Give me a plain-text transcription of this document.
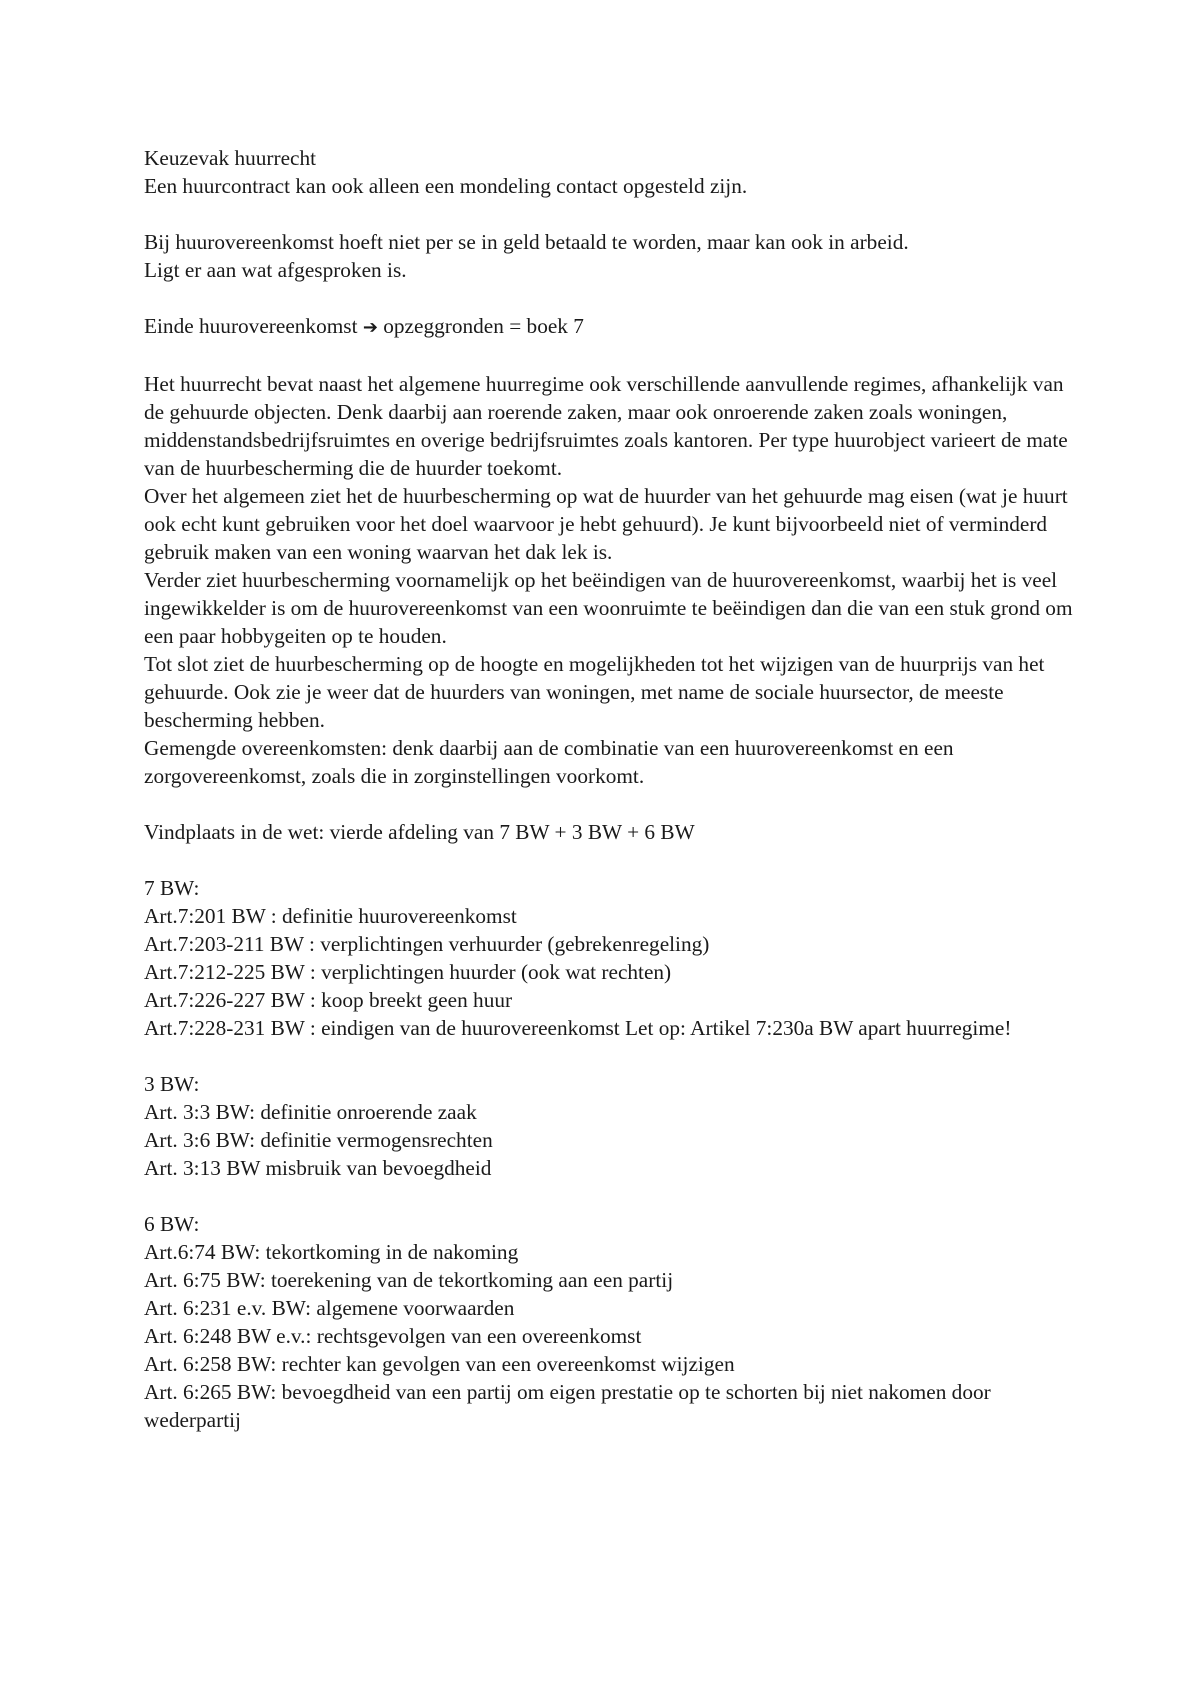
Keuzevak huurrecht
Een huurcontract kan ook alleen een mondeling contact opgesteld zijn.
Bij huurovereenkomst hoeft niet per se in geld betaald te worden, maar kan ook in arbeid.
Ligt er aan wat afgesproken is.
Einde huurovereenkomst ➔ opzeggronden = boek 7
Het huurrecht bevat naast het algemene huurregime ook verschillende aanvullende regimes, afhankelijk van de gehuurde objecten. Denk daarbij aan roerende zaken, maar ook onroerende zaken zoals woningen, middenstandsbedrijfsruimtes en overige bedrijfsruimtes zoals kantoren. Per type huurobject varieert de mate van de huurbescherming die de huurder toekomt.
Over het algemeen ziet het de huurbescherming op wat de huurder van het gehuurde mag eisen (wat je huurt ook echt kunt gebruiken voor het doel waarvoor je hebt gehuurd). Je kunt bijvoorbeeld niet of verminderd gebruik maken van een woning waarvan het dak lek is.
Verder ziet huurbescherming voornamelijk op het beëindigen van de huurovereenkomst, waarbij het is veel ingewikkelder is om de huurovereenkomst van een woonruimte te beëindigen dan die van een stuk grond om een paar hobbygeiten op te houden.
Tot slot ziet de huurbescherming op de hoogte en mogelijkheden tot het wijzigen van de huurprijs van het gehuurde. Ook zie je weer dat de huurders van woningen, met name de sociale huursector, de meeste bescherming hebben.
Gemengde overeenkomsten: denk daarbij aan de combinatie van een huurovereenkomst en een zorgovereenkomst, zoals die in zorginstellingen voorkomt.
Vindplaats in de wet: vierde afdeling van 7 BW + 3 BW + 6 BW
7 BW:
Art.7:201 BW : definitie huurovereenkomst
Art.7:203-211 BW : verplichtingen verhuurder (gebrekenregeling)
Art.7:212-225 BW : verplichtingen huurder (ook wat rechten)
Art.7:226-227 BW : koop breekt geen huur
Art.7:228-231 BW : eindigen van de huurovereenkomst Let op: Artikel 7:230a BW apart huurregime!
3 BW:
Art. 3:3 BW: definitie onroerende zaak
Art. 3:6 BW: definitie vermogensrechten
Art. 3:13 BW misbruik van bevoegdheid
6 BW:
Art.6:74 BW: tekortkoming in de nakoming
Art. 6:75 BW: toerekening van de tekortkoming aan een partij
Art. 6:231 e.v. BW: algemene voorwaarden
Art. 6:248 BW e.v.: rechtsgevolgen van een overeenkomst
Art. 6:258 BW: rechter kan gevolgen van een overeenkomst wijzigen
Art. 6:265 BW: bevoegdheid van een partij om eigen prestatie op te schorten bij niet nakomen door wederpartij
